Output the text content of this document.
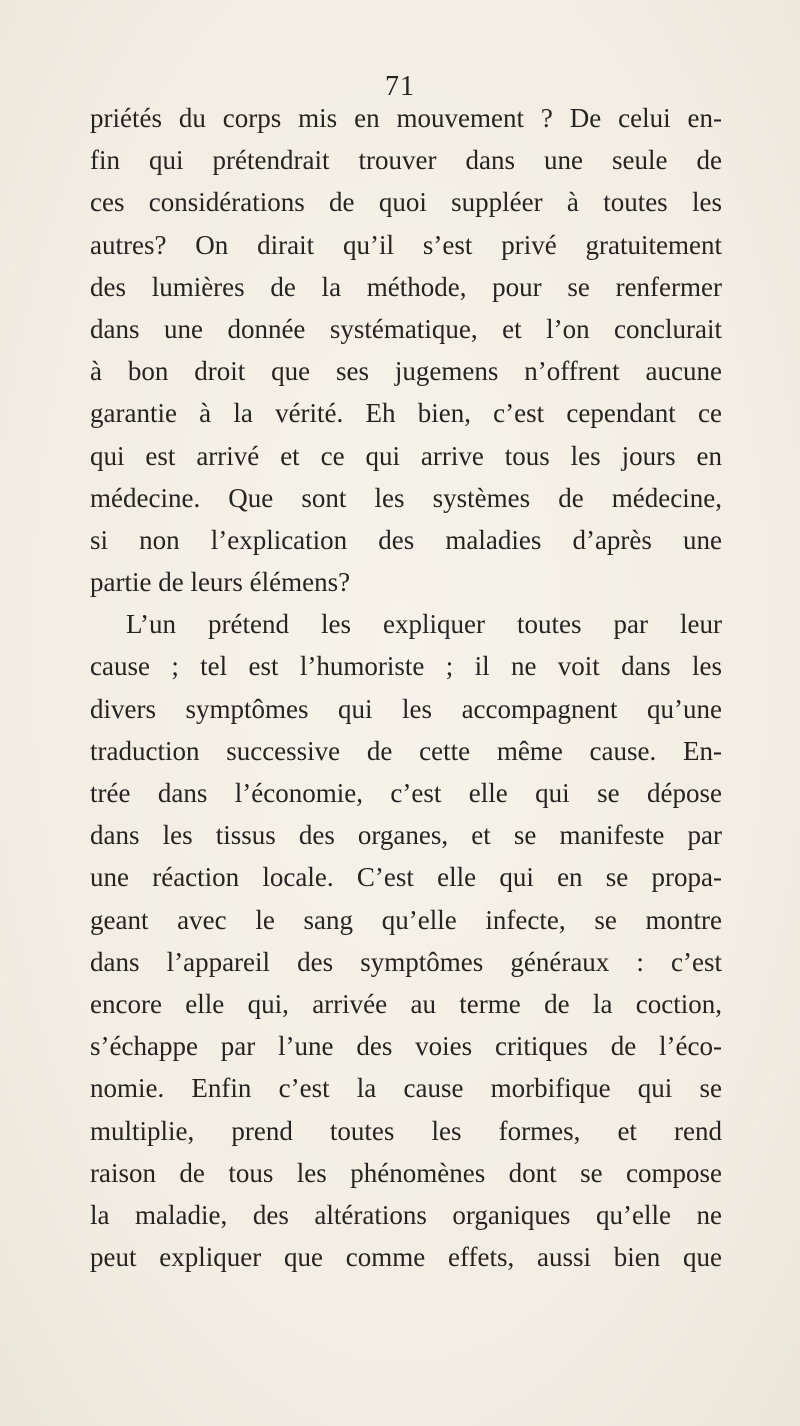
71
priétés du corps mis en mouvement ? De celui en-
fin qui prétendrait trouver dans une seule de
ces considérations de quoi suppléer à toutes les
autres? On dirait qu’il s’est privé gratuitement
des lumières de la méthode, pour se renfermer
dans une donnée systématique, et l’on conclurait
à bon droit que ses jugemens n’offrent aucune
garantie à la vérité. Eh bien, c’est cependant ce
qui est arrivé et ce qui arrive tous les jours en
médecine. Que sont les systèmes de médecine,
si non l’explication des maladies d’après une
partie de leurs élémens?
L’un prétend les expliquer toutes par leur
cause ; tel est l’humoriste ; il ne voit dans les
divers symptômes qui les accompagnent qu’une
traduction successive de cette même cause. En-
trée dans l’économie, c’est elle qui se dépose
dans les tissus des organes, et se manifeste par
une réaction locale. C’est elle qui en se propa-
geant avec le sang qu’elle infecte, se montre
dans l’appareil des symptômes généraux : c’est
encore elle qui, arrivée au terme de la coction,
s’échappe par l’une des voies critiques de l’éco-
nomie. Enfin c’est la cause morbifique qui se
multiplie, prend toutes les formes, et rend
raison de tous les phénomènes dont se compose
la maladie, des altérations organiques qu’elle ne
peut expliquer que comme effets, aussi bien que
